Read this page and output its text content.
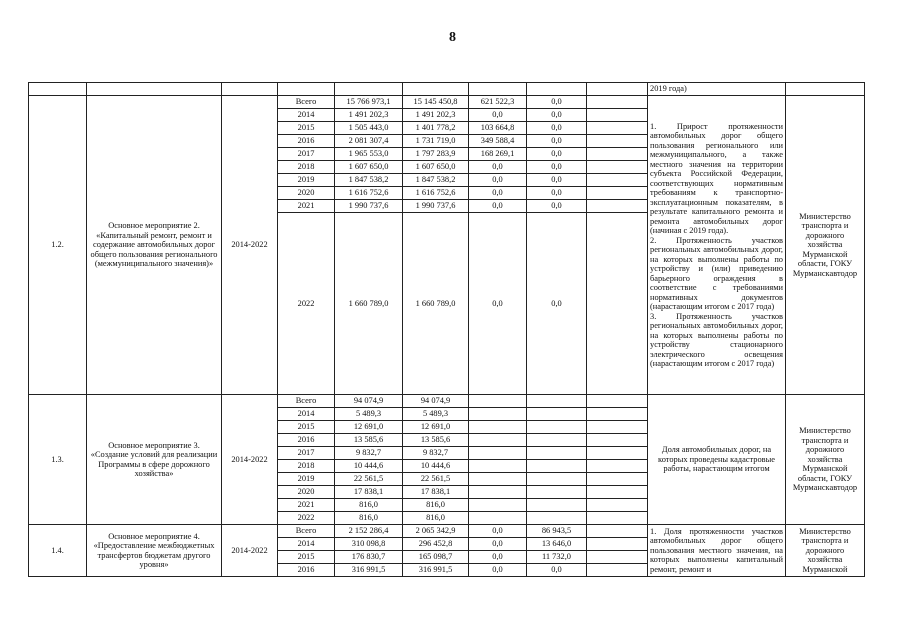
8
									2019 года)	
1.2.	Основное мероприятие 2. «Капитальный ремонт, ремонт и содержание автомобильных дорог общего пользования регионального (межмуниципального значения)»	2014-2022	Всего	15 766 973,1	15 145 450,8	621 522,3	0,0		1. Прирост протяженности автомобильных дорог общего пользования регионального или межмуниципального, а также местного значения на территории субъекта Российской Федерации, соответствующих нормативным требованиям к транспортно-эксплуатационным показателям, в результате капитального ремонта и ремонта автомобильных дорог (начиная с 2019 года).

2. Протяженность участков региональных автомобильных дорог, на которых выполнены работы по устройству и (или) приведению барьерного ограждения в соответствие с требованиями нормативных документов (нарастающим итогом с 2017 года)

3. Протяженность участков региональных автомобильных дорог, на которых выполнены работы по устройству стационарного электрического освещения (нарастающим итогом с 2017 года)	Министерство транспорта и дорожного хозяйства Мурманской области, ГОКУ Мурманскавтодор
			2014	1 491 202,3	1 491 202,3	0,0	0,0			
			2015	1 505 443,0	1 401 778,2	103 664,8	0,0			
			2016	2 081 307,4	1 731 719,0	349 588,4	0,0			
			2017	1 965 553,0	1 797 283,9	168 269,1	0,0			
			2018	1 607 650,0	1 607 650,0	0,0	0,0			
			2019	1 847 538,2	1 847 538,2	0,0	0,0			
			2020	1 616 752,6	1 616 752,6	0,0	0,0			
			2021	1 990 737,6	1 990 737,6	0,0	0,0			
			2022	1 660 789,0	1 660 789,0	0,0	0,0			
1.3.	Основное мероприятие 3. «Создание условий для реализации Программы в сфере дорожного хозяйства»	2014-2022	Всего	94 074,9	94 074,9				Доля автомобильных дорог, на которых проведены кадастровые работы, нарастающим итогом	Министерство транспорта и дорожного хозяйства Мурманской области, ГОКУ Мурманскавтодор
			2014	5 489,3	5 489,3					
			2015	12 691,0	12 691,0					
			2016	13 585,6	13 585,6					
			2017	9 832,7	9 832,7					
			2018	10 444,6	10 444,6					
			2019	22 561,5	22 561,5					
			2020	17 838,1	17 838,1					
			2021	816,0	816,0					
			2022	816,0	816,0					
1.4.	Основное мероприятие 4. «Предоставление межбюджетных трансфертов бюджетам другого уровня»	2014-2022	Всего	2 152 286,4	2 065 342,9	0,0	86 943,5		1. Доля протяженности участков автомобильных дорог общего пользования местного значения, на которых выполнены капитальный ремонт, ремонт и	Министерство транспорта и дорожного хозяйства Мурманской
			2014	310 098,8	296 452,8	0,0	13 646,0			
			2015	176 830,7	165 098,7	0,0	11 732,0			
			2016	316 991,5	316 991,5	0,0	0,0			
